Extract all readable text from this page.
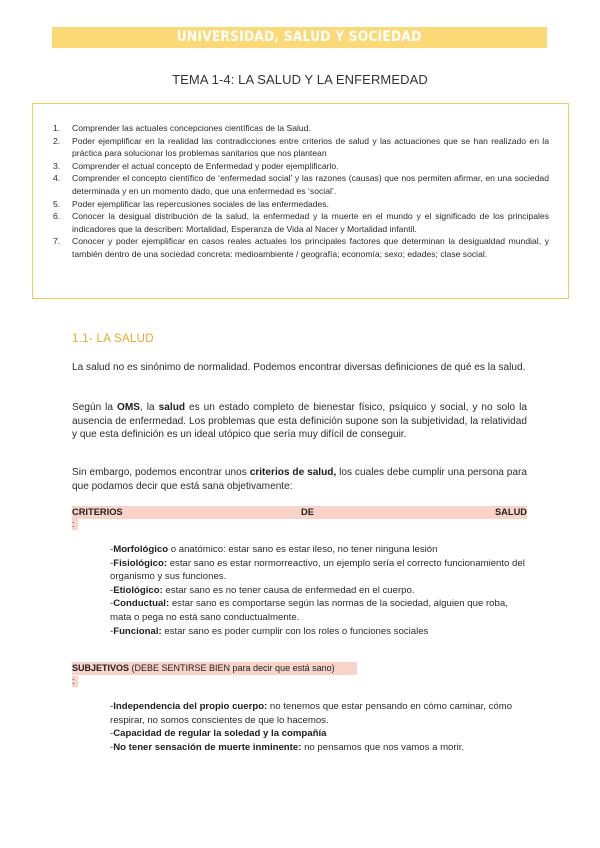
UNIVERSIDAD, SALUD Y SOCIEDAD
TEMA 1-4: LA SALUD Y LA ENFERMEDAD
1. Comprender las actuales concepciones científicas de la Salud.
2. Poder ejemplificar en la realidad las contradicciones entre criterios de salud y las actuaciones que se han realizado en la práctica para solucionar los problemas sanitarios que nos plantean
3. Comprender el actual concepto de Enfermedad y poder ejemplificarlo.
4. Comprender el concepto científico de ‘enfermedad social’ y las razones (causas) que nos permiten afirmar, en una sociedad determinada y en un momento dado, que una enfermedad es ‘social’.
5. Poder ejemplificar las repercusiones sociales de las enfermedades.
6. Conocer la desigual distribución de la salud, la enfermedad y la muerte en el mundo y el significado de los principales indicadores que la describen: Mortalidad, Esperanza de Vida al Nacer y Mortalidad infantil.
7. Conocer y poder ejemplificar en casos reales actuales los principales factores que determinan la desigualdad mundial, y también dentro de una sociedad concreta: medioambiente / geografía; economía; sexo; edades; clase social.
1.1- LA SALUD
La salud no es sinónimo de normalidad. Podemos encontrar diversas definiciones de qué es la salud.
Según la OMS, la salud es un estado completo de bienestar físico, psíquico y social, y no solo la ausencia de enfermedad. Los problemas que esta definición supone son la subjetividad, la relatividad y que esta definición es un ideal utópico que sería muy difícil de conseguir.
Sin embargo, podemos encontrar unos criterios de salud, los cuales debe cumplir una persona para que podamos decir que está sana objetivamente:
CRITERIOS	DE	SALUD
:
-Morfológico o anatómico: estar sano es estar ileso, no tener ninguna lesión
-Fisiológico: estar sano es estar normorreactivo, un ejemplo sería el correcto funcionamiento del organismo y sus funciones.
-Etiológico: estar sano es no tener causa de enfermedad en el cuerpo.
-Conductual: estar sano es comportarse según las normas de la sociedad, alguien que roba, mata o pega no está sano conductualmente.
-Funcional: estar sano es poder cumplir con los roles o funciones sociales
SUBJETIVOS (DEBE SENTIRSE BIEN para decir que está sano)
:
-Independencia del propio cuerpo: no tenemos que estar pensando en cómo caminar, cómo respirar, no somos conscientes de que lo hacemos.
-Capacidad de regular la soledad y la compañía
-No tener sensación de muerte inminente: no pensamos que nos vamos a morir.
